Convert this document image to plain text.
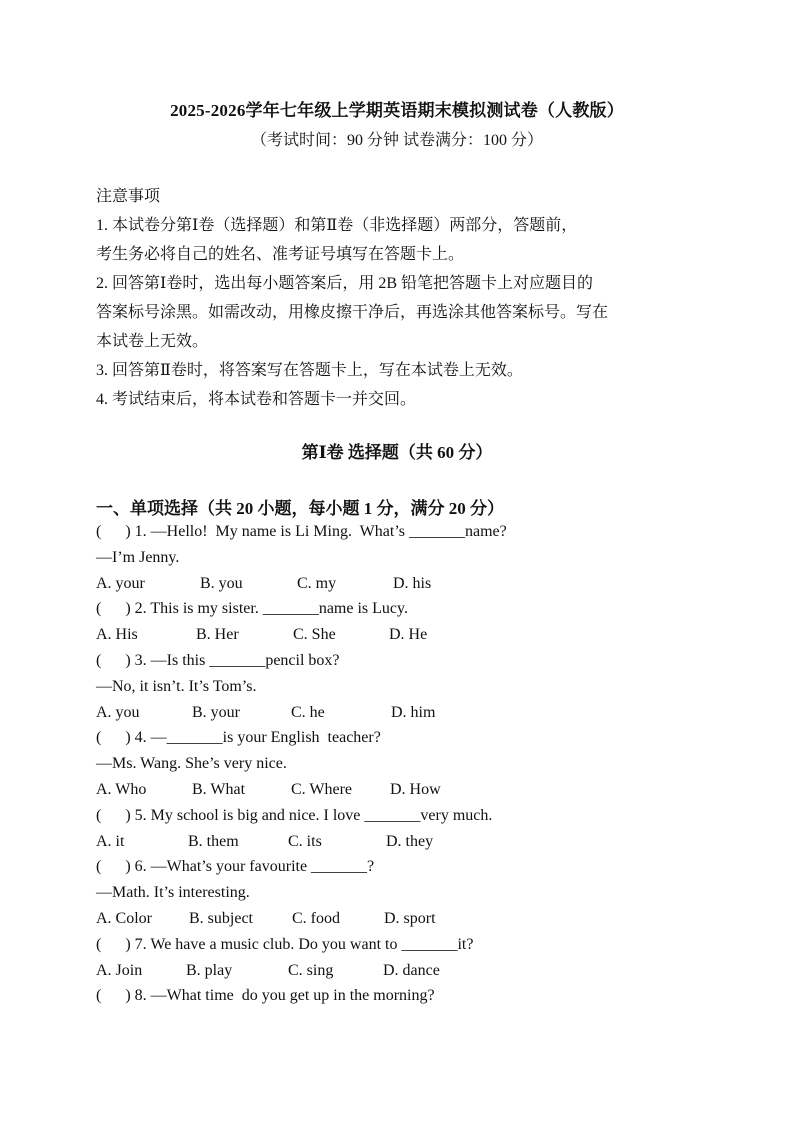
2025-2026学年七年级上学期英语期末模拟测试卷（人教版）
（考试时间：90 分钟 试卷满分：100 分）
注意事项
1. 本试卷分第Ⅰ卷（选择题）和第Ⅱ卷（非选择题）两部分，答题前，
考生务必将自己的姓名、准考证号填写在答题卡上。
2. 回答第Ⅰ卷时，选出每小题答案后，用 2B 铅笔把答题卡上对应题目的
答案标号涂黑。如需改动，用橡皮擦干净后，再选涂其他答案标号。写在
本试卷上无效。
3. 回答第Ⅱ卷时，将答案写在答题卡上，写在本试卷上无效。
4. 考试结束后，将本试卷和答题卡一并交回。
第Ⅰ卷 选择题（共 60 分）
一、单项选择（共 20 小题，每小题 1 分，满分 20 分）
(      ) 1. —Hello!  My name is Li Ming.  What’s _______name?
—I’m Jenny.
A. your	B. you	C. my	D. his
(      ) 2. This is my sister. _______name is Lucy.
A. His	B. Her	C. She	D. He
(      ) 3. —Is this _______pencil box?
—No, it isn’t. It’s Tom’s.
A. you	B. your	C. he	D. him
(      ) 4. —_______is your English  teacher?
—Ms. Wang. She’s very nice.
A. Who	B. What	C. Where	D. How
(      ) 5. My school is big and nice. I love _______very much.
A. it	B. them	C. its	D. they
(      ) 6. —What’s your favourite _______?
—Math. It’s interesting.
A. Color	B. subject	C. food	D. sport
(      ) 7. We have a music club. Do you want to _______it?
A. Join	B. play	C. sing	D. dance
(      ) 8. —What time  do you get up in the morning?
